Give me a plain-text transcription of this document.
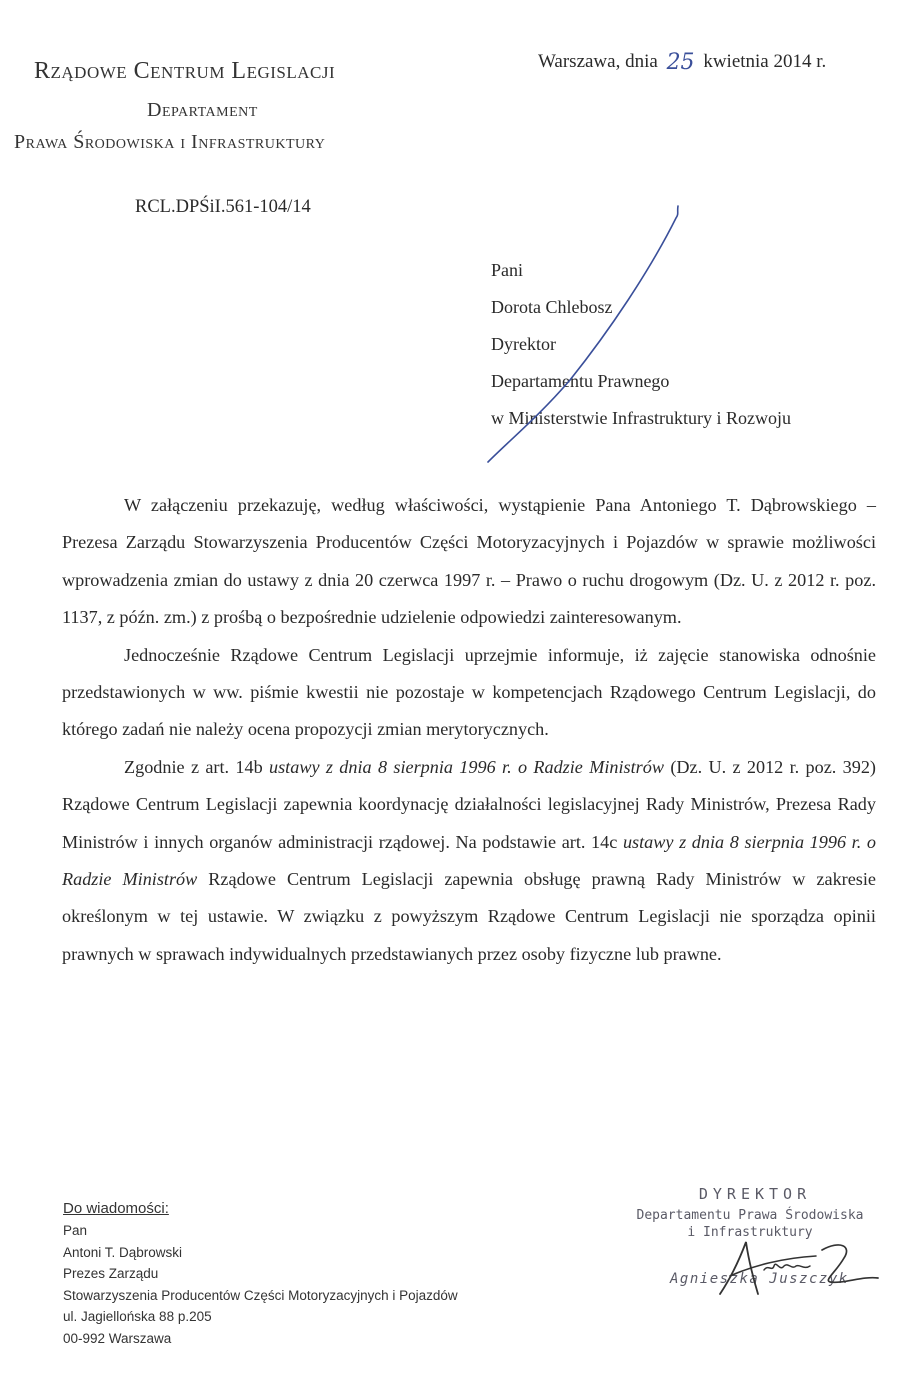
Rządowe Centrum Legislacji
Departament
Prawa Środowiska i Infrastruktury
Warszawa, dnia 25 kwietnia 2014 r.
RCL.DPŚiI.561-104/14
Pani
Dorota Chlebosz
Dyrektor
Departamentu Prawnego
w Ministerstwie Infrastruktury i Rozwoju

W załączeniu przekazuję, według właściwości, wystąpienie Pana Antoniego T. Dąbrowskiego – Prezesa Zarządu Stowarzyszenia Producentów Części Motoryzacyjnych i Pojazdów w sprawie możliwości wprowadzenia zmian do ustawy z dnia 20 czerwca 1997 r. – Prawo o ruchu drogowym (Dz. U. z 2012 r. poz. 1137, z późn. zm.) z prośbą o bezpośrednie udzielenie odpowiedzi zainteresowanym.

Jednocześnie Rządowe Centrum Legislacji uprzejmie informuje, iż zajęcie stanowiska odnośnie przedstawionych w ww. piśmie kwestii nie pozostaje w kompetencjach Rządowego Centrum Legislacji, do którego zadań nie należy ocena propozycji zmian merytorycznych.

Zgodnie z art. 14b ustawy z dnia 8 sierpnia 1996 r. o Radzie Ministrów (Dz. U. z 2012 r. poz. 392) Rządowe Centrum Legislacji zapewnia koordynację działalności legislacyjnej Rady Ministrów, Prezesa Rady Ministrów i innych organów administracji rządowej. Na podstawie art. 14c ustawy z dnia 8 sierpnia 1996 r. o Radzie Ministrów Rządowe Centrum Legislacji zapewnia obsługę prawną Rady Ministrów w zakresie określonym w tej ustawie. W związku z powyższym Rządowe Centrum Legislacji nie sporządza opinii prawnych w sprawach indywidualnych przedstawianych przez osoby fizyczne lub prawne.

Do wiadomości:
Pan
Antoni T. Dąbrowski
Prezes Zarządu
Stowarzyszenia Producentów Części Motoryzacyjnych i Pojazdów
ul. Jagiellońska 88 p.205
00-992 Warszawa
DYREKTOR
Departamentu Prawa Środowiska
i Infrastruktury
Agnieszka Juszczyk
